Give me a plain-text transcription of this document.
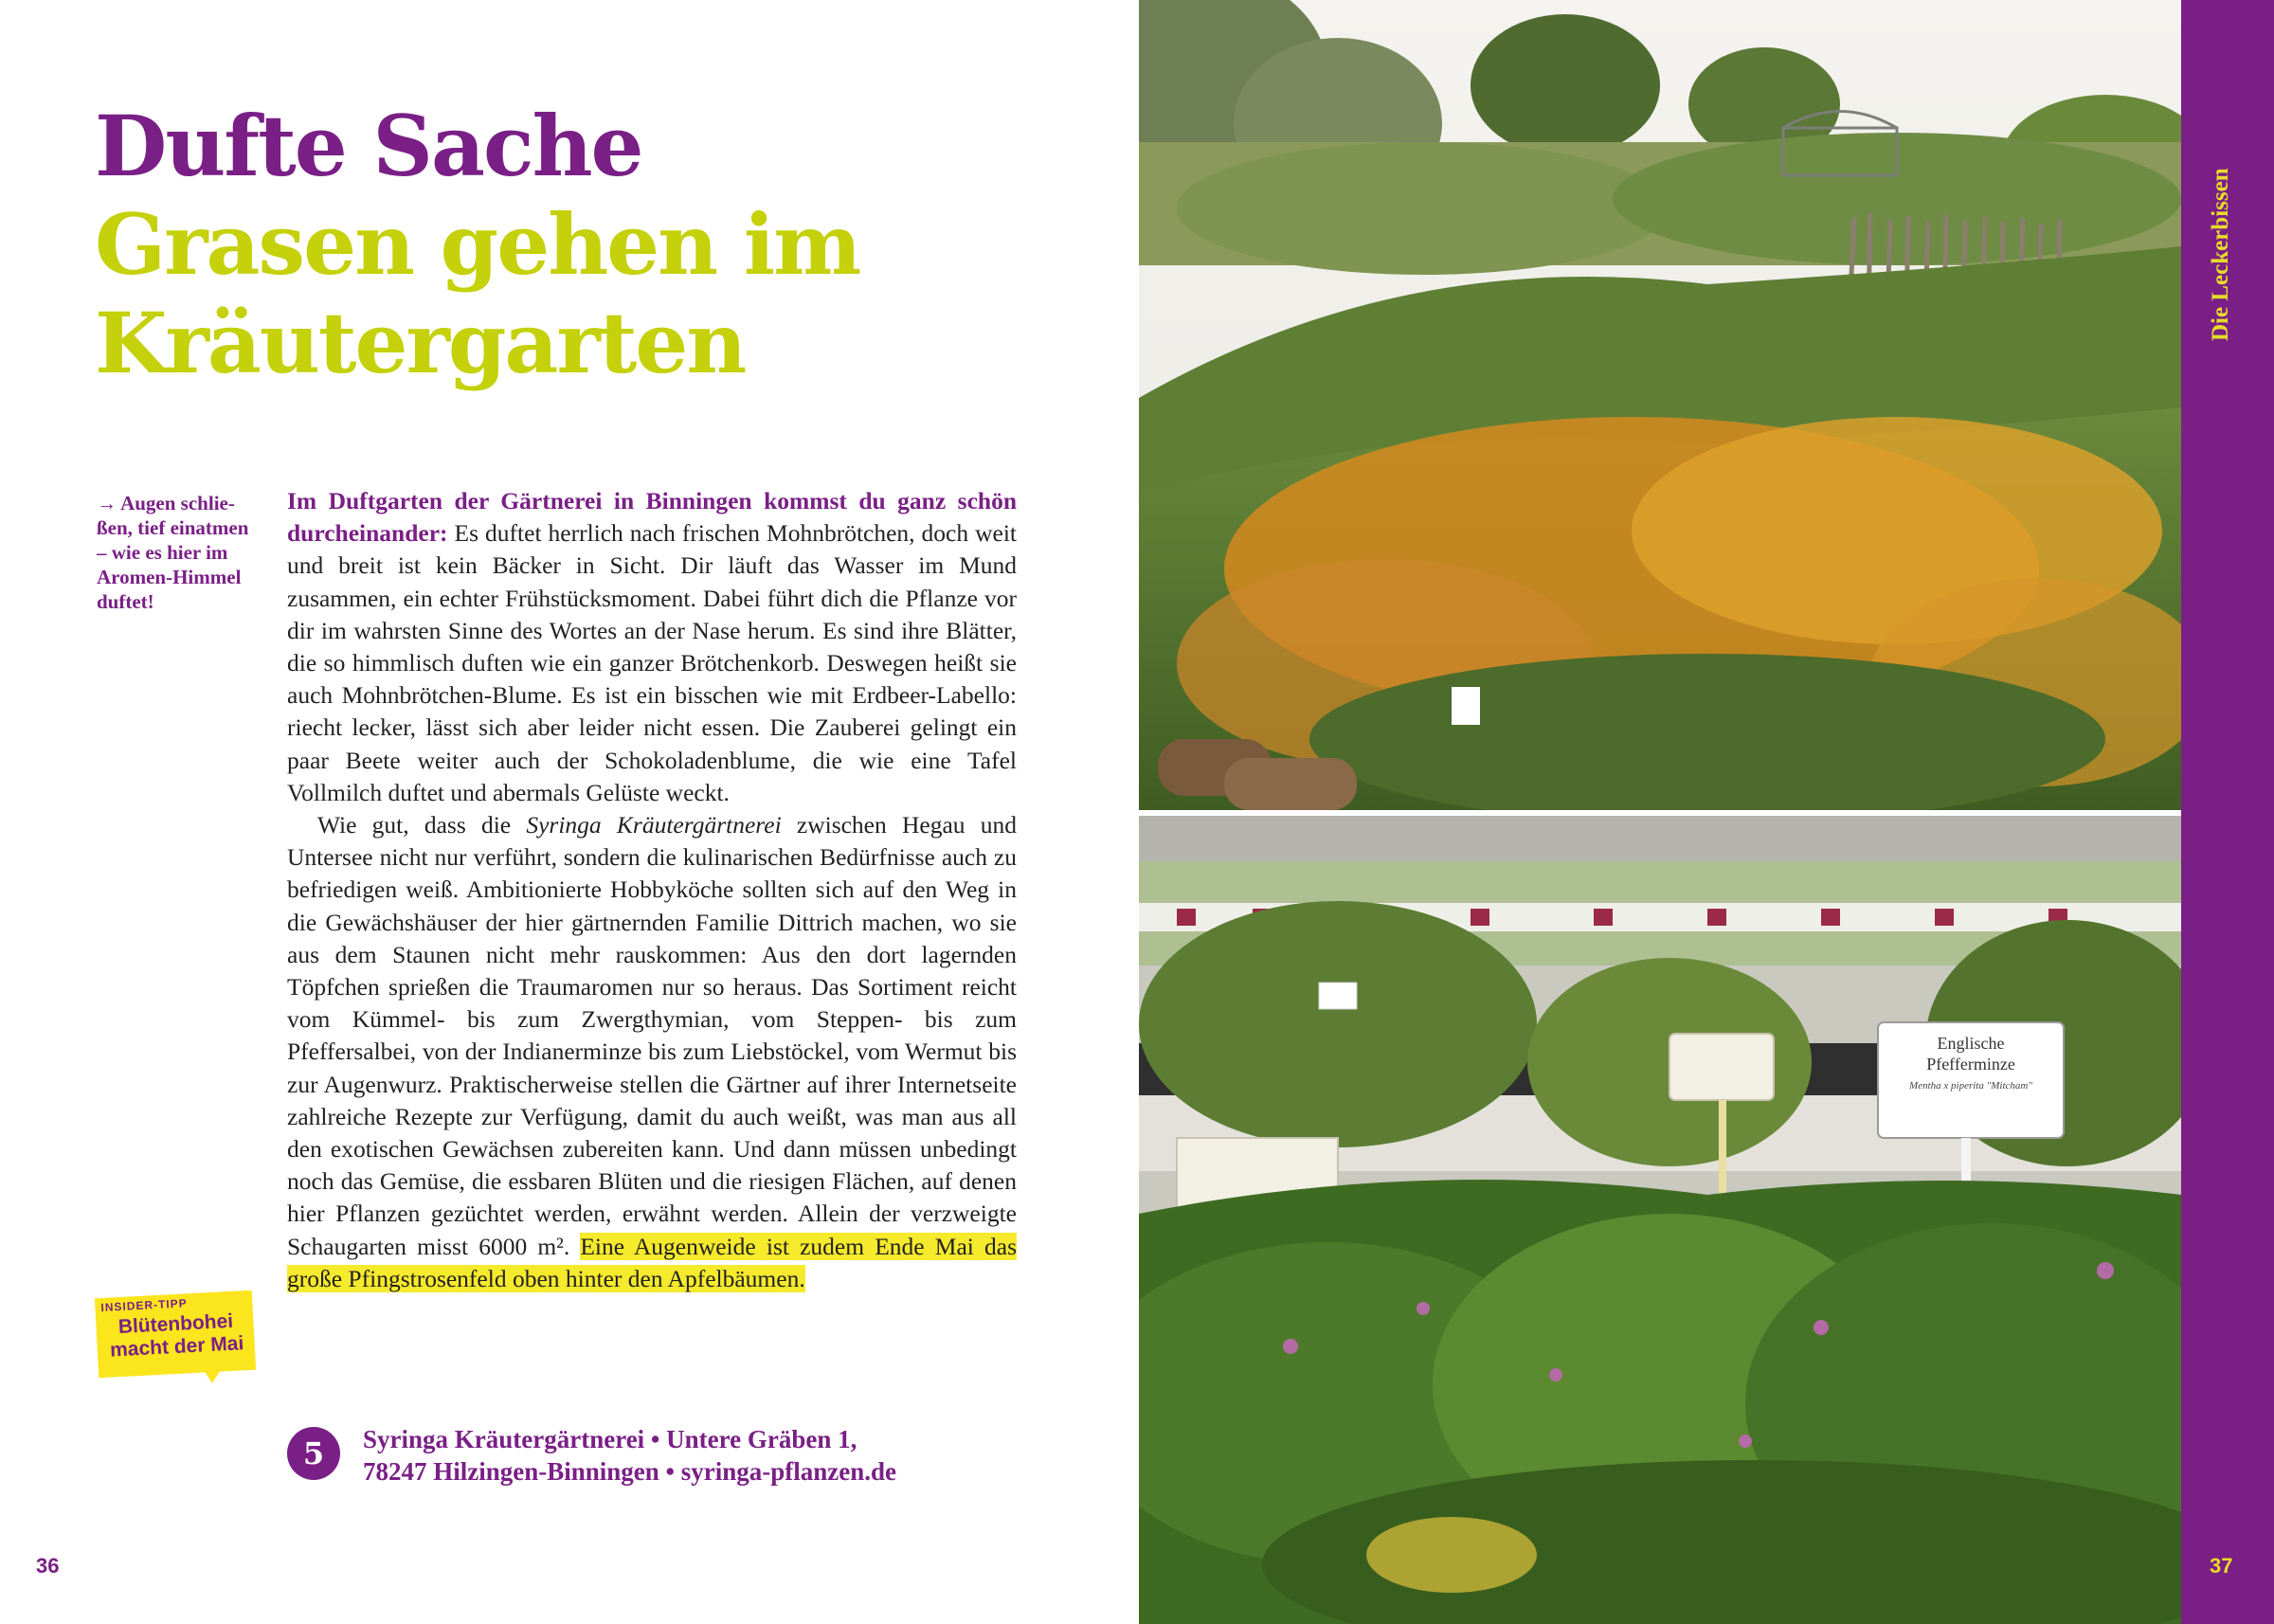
Dufte Sache
Grasen gehen im
Kräutergarten
→ Augen schließen, tief einatmen – wie es hier im Aromen-Himmel duftet!

Im Duftgarten der Gärtnerei in Binningen kommst du ganz schön durcheinander: Es duftet herrlich nach frischen Mohnbrötchen, doch weit und breit ist kein Bäcker in Sicht. Dir läuft das Wasser im Mund zusammen, ein echter Frühstücksmoment. Dabei führt dich die Pflanze vor dir im wahrsten Sinne des Wortes an der Nase herum. Es sind ihre Blätter, die so himmlisch duften wie ein ganzer Brötchenkorb. Deswegen heißt sie auch Mohnbrötchen-Blume. Es ist ein bisschen wie mit Erdbeer-Labello: riecht lecker, lässt sich aber leider nicht essen. Die Zauberei gelingt ein paar Beete weiter auch der Schokoladenblume, die wie eine Tafel Vollmilch duftet und abermals Gelüste weckt.

Wie gut, dass die Syringa Kräutergärtnerei zwischen Hegau und Untersee nicht nur verführt, sondern die kulinarischen Bedürfnisse auch zu befriedigen weiß. Ambitionierte Hobbyköche sollten sich auf den Weg in die Gewächshäuser der hier gärtnernden Familie Dittrich machen, wo sie aus dem Staunen nicht mehr rauskommen: Aus den dort lagernden Töpfchen sprießen die Traumaromen nur so heraus. Das Sortiment reicht vom Kümmel- bis zum Zwergthymian, vom Steppen- bis zum Pfeffersalbei, von der Indianerminze bis zum Liebstöckel, vom Wermut bis zur Augenwurz. Praktischerweise stellen die Gärtner auf ihrer Internetseite zahlreiche Rezepte zur Verfügung, damit du auch weißt, was man aus all den exotischen Gewächsen zubereiten kann. Und dann müssen unbedingt noch das Gemüse, die essbaren Blüten und die riesigen Flächen, auf denen hier Pflanzen gezüchtet werden, erwähnt werden. Allein der verzweigte Schaugarten misst 6000 m². Eine Augenweide ist zudem Ende Mai das große Pfingstrosenfeld oben hinter den Apfelbäumen.

INSIDER-TIPP
Blütenbohei macht der Mai
5	Syringa Kräutergärtnerei • Untere Gräben 1,
78247 Hilzingen-Binningen • syringa-pflanzen.de
36
Englische
Pfefferminze
Mentha x piperita "Mitcham"
Die Leckerbissen
37
